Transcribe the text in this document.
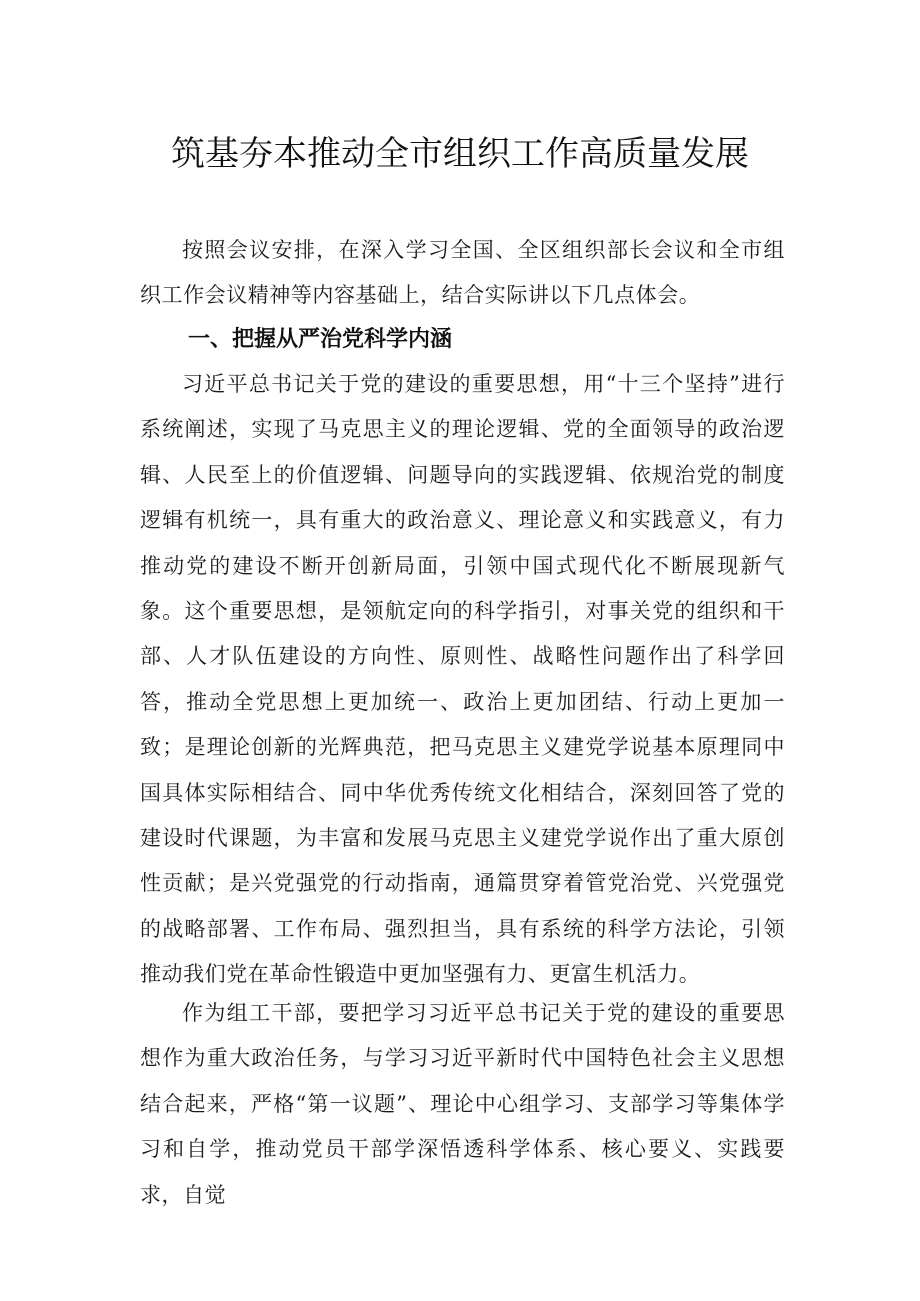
筑基夯本推动全市组织工作高质量发展

按照会议安排，在深入学习全国、全区组织部长会议和全市组织工作会议精神等内容基础上，结合实际讲以下几点体会。

一、把握从严治党科学内涵

习近平总书记关于党的建设的重要思想，用“十三个坚持”进行系统阐述，实现了马克思主义的理论逻辑、党的全面领导的政治逻辑、人民至上的价值逻辑、问题导向的实践逻辑、依规治党的制度逻辑有机统一，具有重大的政治意义、理论意义和实践意义，有力推动党的建设不断开创新局面，引领中国式现代化不断展现新气象。这个重要思想，是领航定向的科学指引，对事关党的组织和干部、人才队伍建设的方向性、原则性、战略性问题作出了科学回答，推动全党思想上更加统一、政治上更加团结、行动上更加一致；是理论创新的光辉典范，把马克思主义建党学说基本原理同中国具体实际相结合、同中华优秀传统文化相结合，深刻回答了党的建设时代课题，为丰富和发展马克思主义建党学说作出了重大原创性贡献；是兴党强党的行动指南，通篇贯穿着管党治党、兴党强党的战略部署、工作布局、强烈担当，具有系统的科学方法论，引领推动我们党在革命性锻造中更加坚强有力、更富生机活力。

作为组工干部，要把学习习近平总书记关于党的建设的重要思想作为重大政治任务，与学习习近平新时代中国特色社会主义思想结合起来，严格“第一议题”、理论中心组学习、支部学习等集体学习和自学，推动党员干部学深悟透科学体系、核心要义、实践要求，自觉
